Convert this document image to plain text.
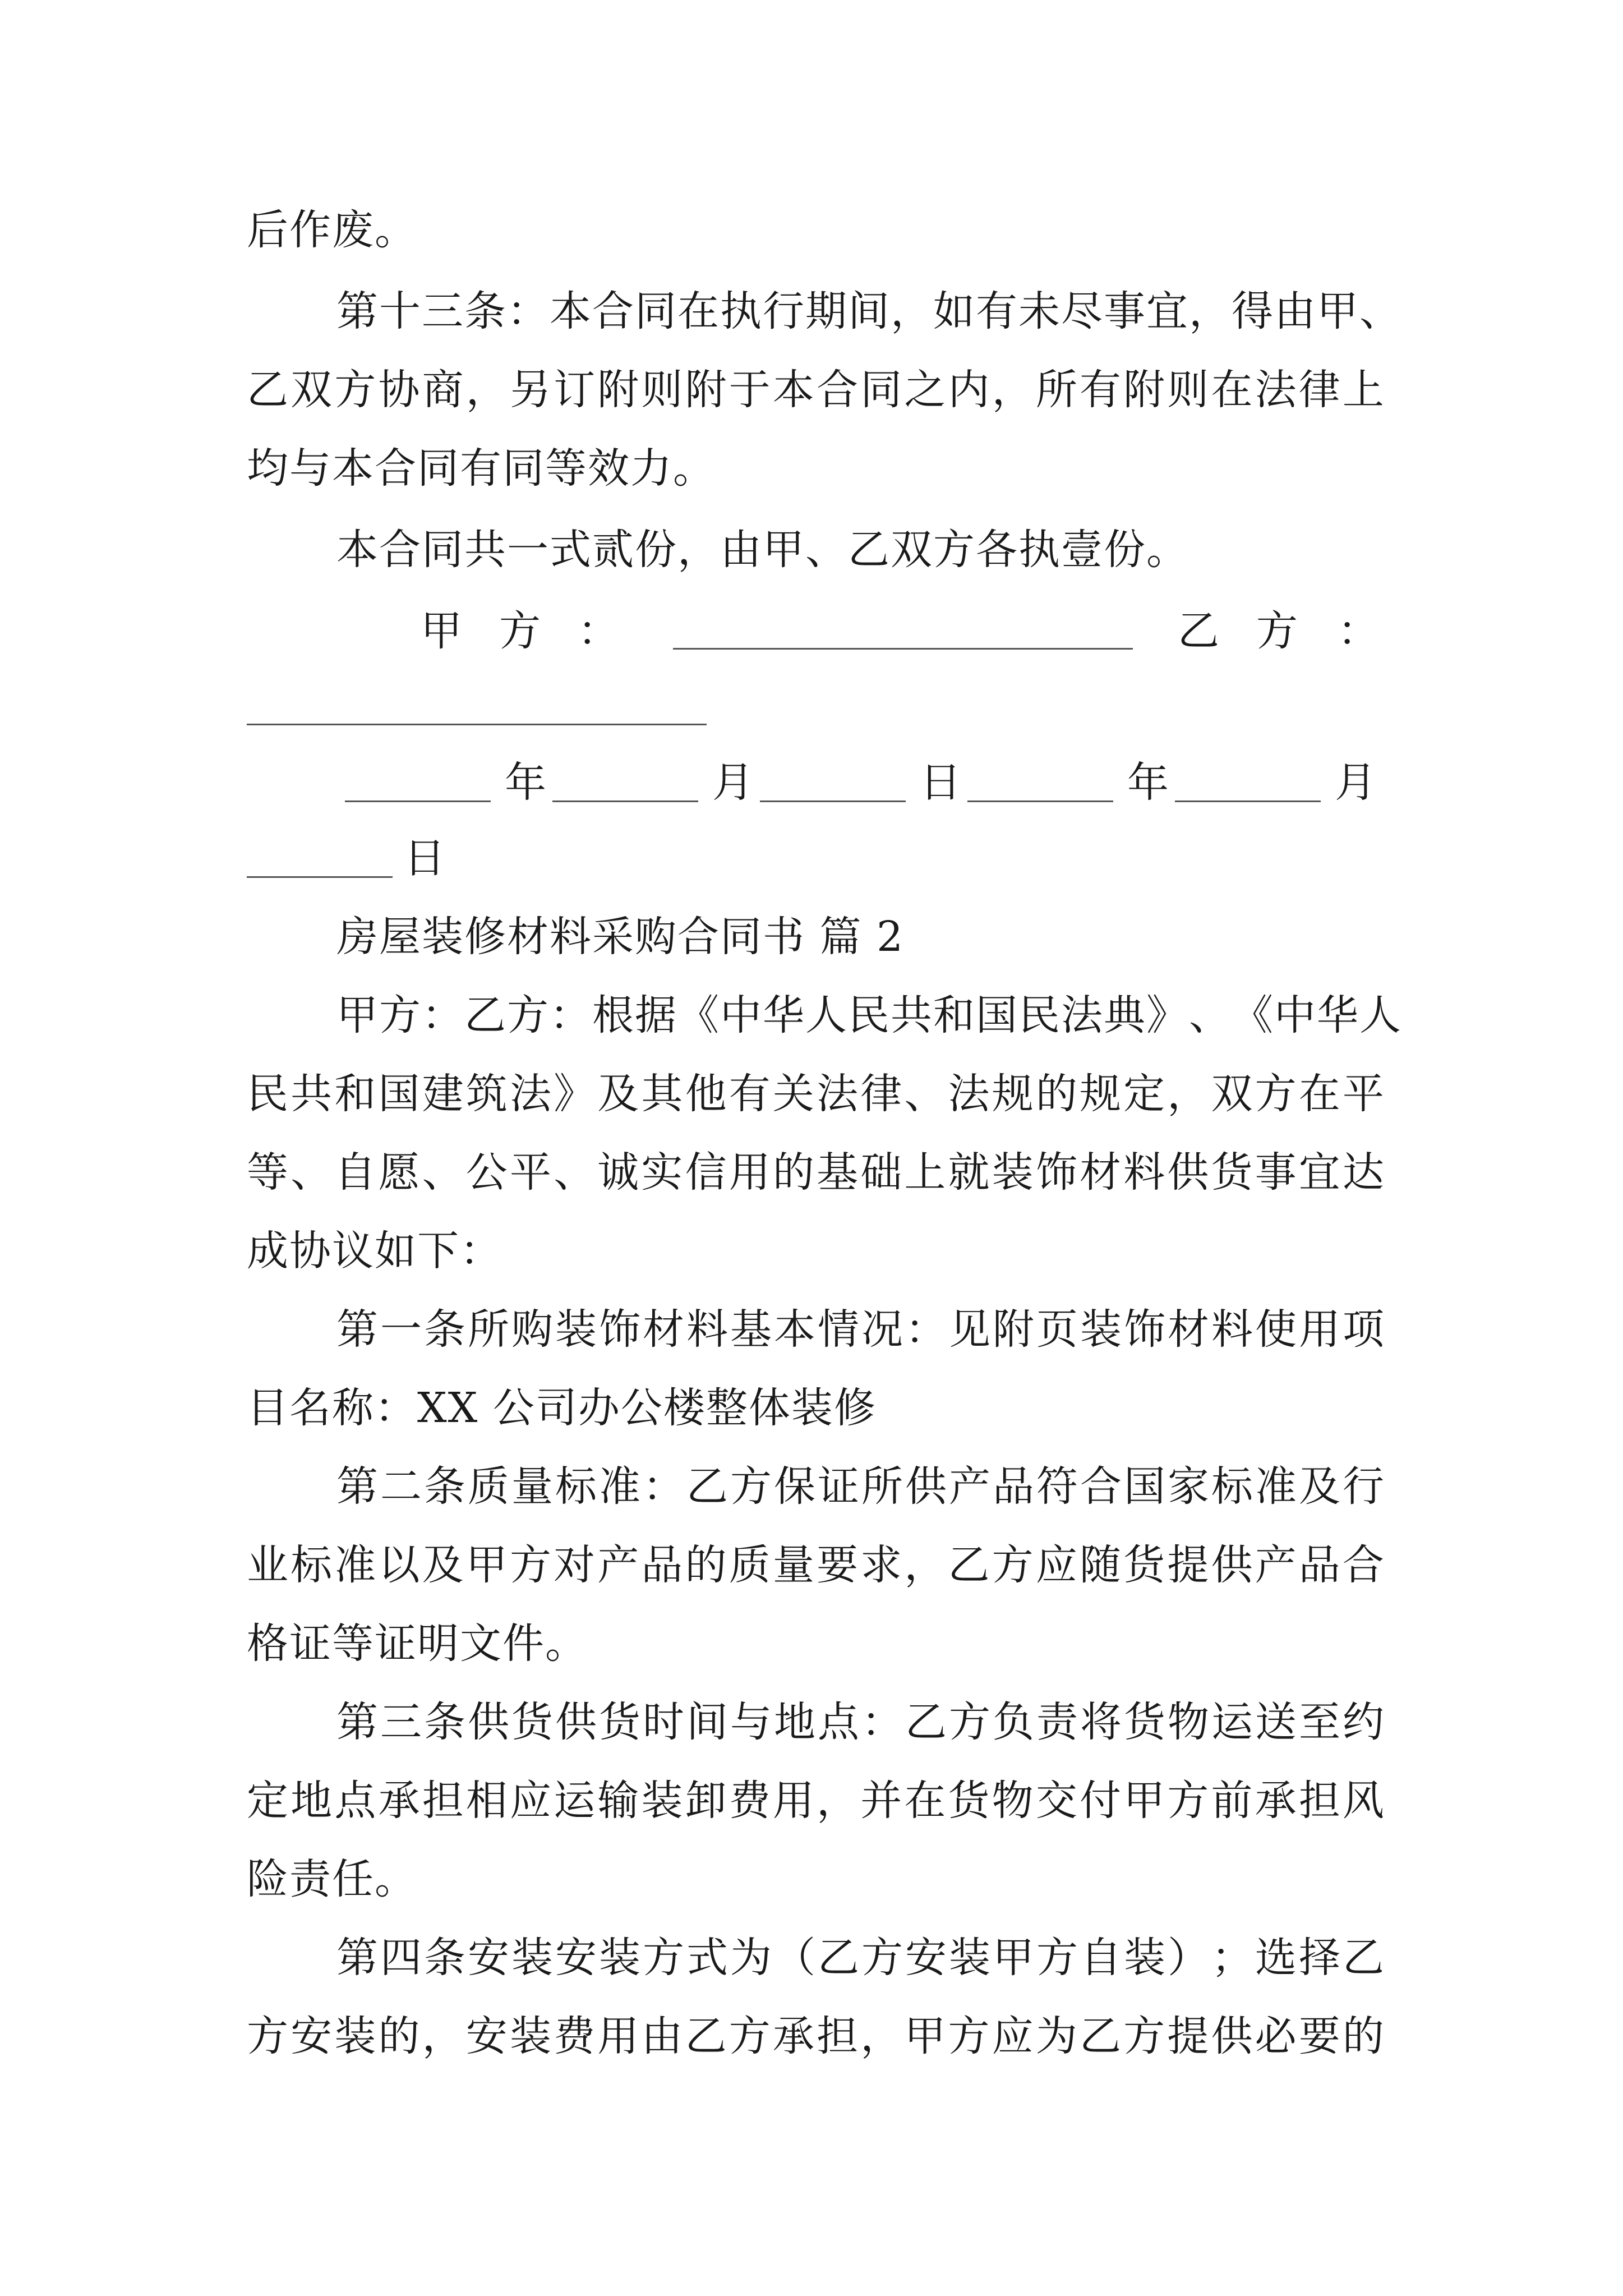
后作废。
第 十 三 条 ： 本 合 同 在 执 行 期 间 ， 如 有 未 尽 事 宜 ， 得 由 甲 、
乙 双 方 协 商 ， 另 订 附 则 附 于 本 合 同 之 内 ， 所 有 附 则 在 法 律 上
均与本合同有同等效力。
本合同共一式贰份，由甲、乙双方各执壹份。
甲 方 ：	乙 方 ：
年	月	日	年	月
日
房屋装修材料采购合同书 篇 2
甲 方 ： 乙 方 ： 根 据 《 中 华 人 民 共 和 国 民 法 典 》 、 《 中 华 人
民 共 和 国 建 筑 法 》 及 其 他 有 关 法 律 、 法 规 的 规 定 ， 双 方 在 平
等 、 自 愿 、 公 平 、 诚 实 信 用 的 基 础 上 就 装 饰 材 料 供 货 事 宜 达
成协议如下：
第 一 条 所 购 装 饰 材 料 基 本 情 况 ： 见 附 页 装 饰 材 料 使 用 项
目名称：XX 公司办公楼整体装修
第 二 条 质 量 标 准 ： 乙 方 保 证 所 供 产 品 符 合 国 家 标 准 及 行
业 标 准 以 及 甲 方 对 产 品 的 质 量 要 求 ， 乙 方 应 随 货 提 供 产 品 合
格证等证明文件。
第 三 条 供 货 供 货 时 间 与 地 点 ： 乙 方 负 责 将 货 物 运 送 至 约
定 地 点 承 担 相 应 运 输 装 卸 费 用 ， 并 在 货 物 交 付 甲 方 前 承 担 风
险责任。
第 四 条 安 装 安 装 方 式 为 （ 乙 方 安 装 甲 方 自 装 ） ； 选 择 乙
方 安 装 的 ， 安 装 费 用 由 乙 方 承 担 ， 甲 方 应 为 乙 方 提 供 必 要 的
